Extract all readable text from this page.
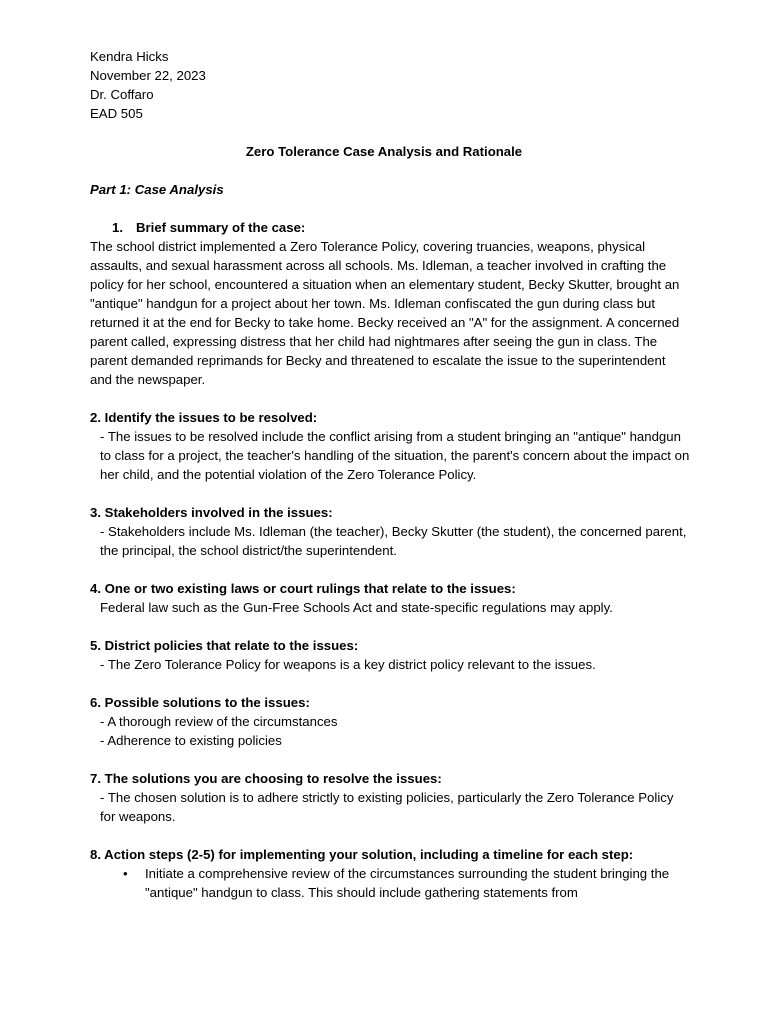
Kendra Hicks
November 22, 2023
Dr. Coffaro
EAD 505
Zero Tolerance Case Analysis and Rationale
Part 1: Case Analysis
1. Brief summary of the case:
The school district implemented a Zero Tolerance Policy, covering truancies, weapons, physical assaults, and sexual harassment across all schools. Ms. Idleman, a teacher involved in crafting the policy for her school, encountered a situation when an elementary student, Becky Skutter, brought an "antique" handgun for a project about her town. Ms. Idleman confiscated the gun during class but returned it at the end for Becky to take home. Becky received an "A" for the assignment. A concerned parent called, expressing distress that her child had nightmares after seeing the gun in class. The parent demanded reprimands for Becky and threatened to escalate the issue to the superintendent and the newspaper.
2. Identify the issues to be resolved:
- The issues to be resolved include the conflict arising from a student bringing an "antique" handgun to class for a project, the teacher's handling of the situation, the parent's concern about the impact on her child, and the potential violation of the Zero Tolerance Policy.
3. Stakeholders involved in the issues:
- Stakeholders include Ms. Idleman (the teacher), Becky Skutter (the student), the concerned parent, the principal, the school district/the superintendent.
4. One or two existing laws or court rulings that relate to the issues:
Federal law such as the Gun-Free Schools Act and state-specific regulations may apply.
5. District policies that relate to the issues:
- The Zero Tolerance Policy for weapons is a key district policy relevant to the issues.
6. Possible solutions to the issues:
- A thorough review of the circumstances
- Adherence to existing policies
7. The solutions you are choosing to resolve the issues:
- The chosen solution is to adhere strictly to existing policies, particularly the Zero Tolerance Policy for weapons.
8. Action steps (2-5) for implementing your solution, including a timeline for each step:
• Initiate a comprehensive review of the circumstances surrounding the student bringing the "antique" handgun to class. This should include gathering statements from
